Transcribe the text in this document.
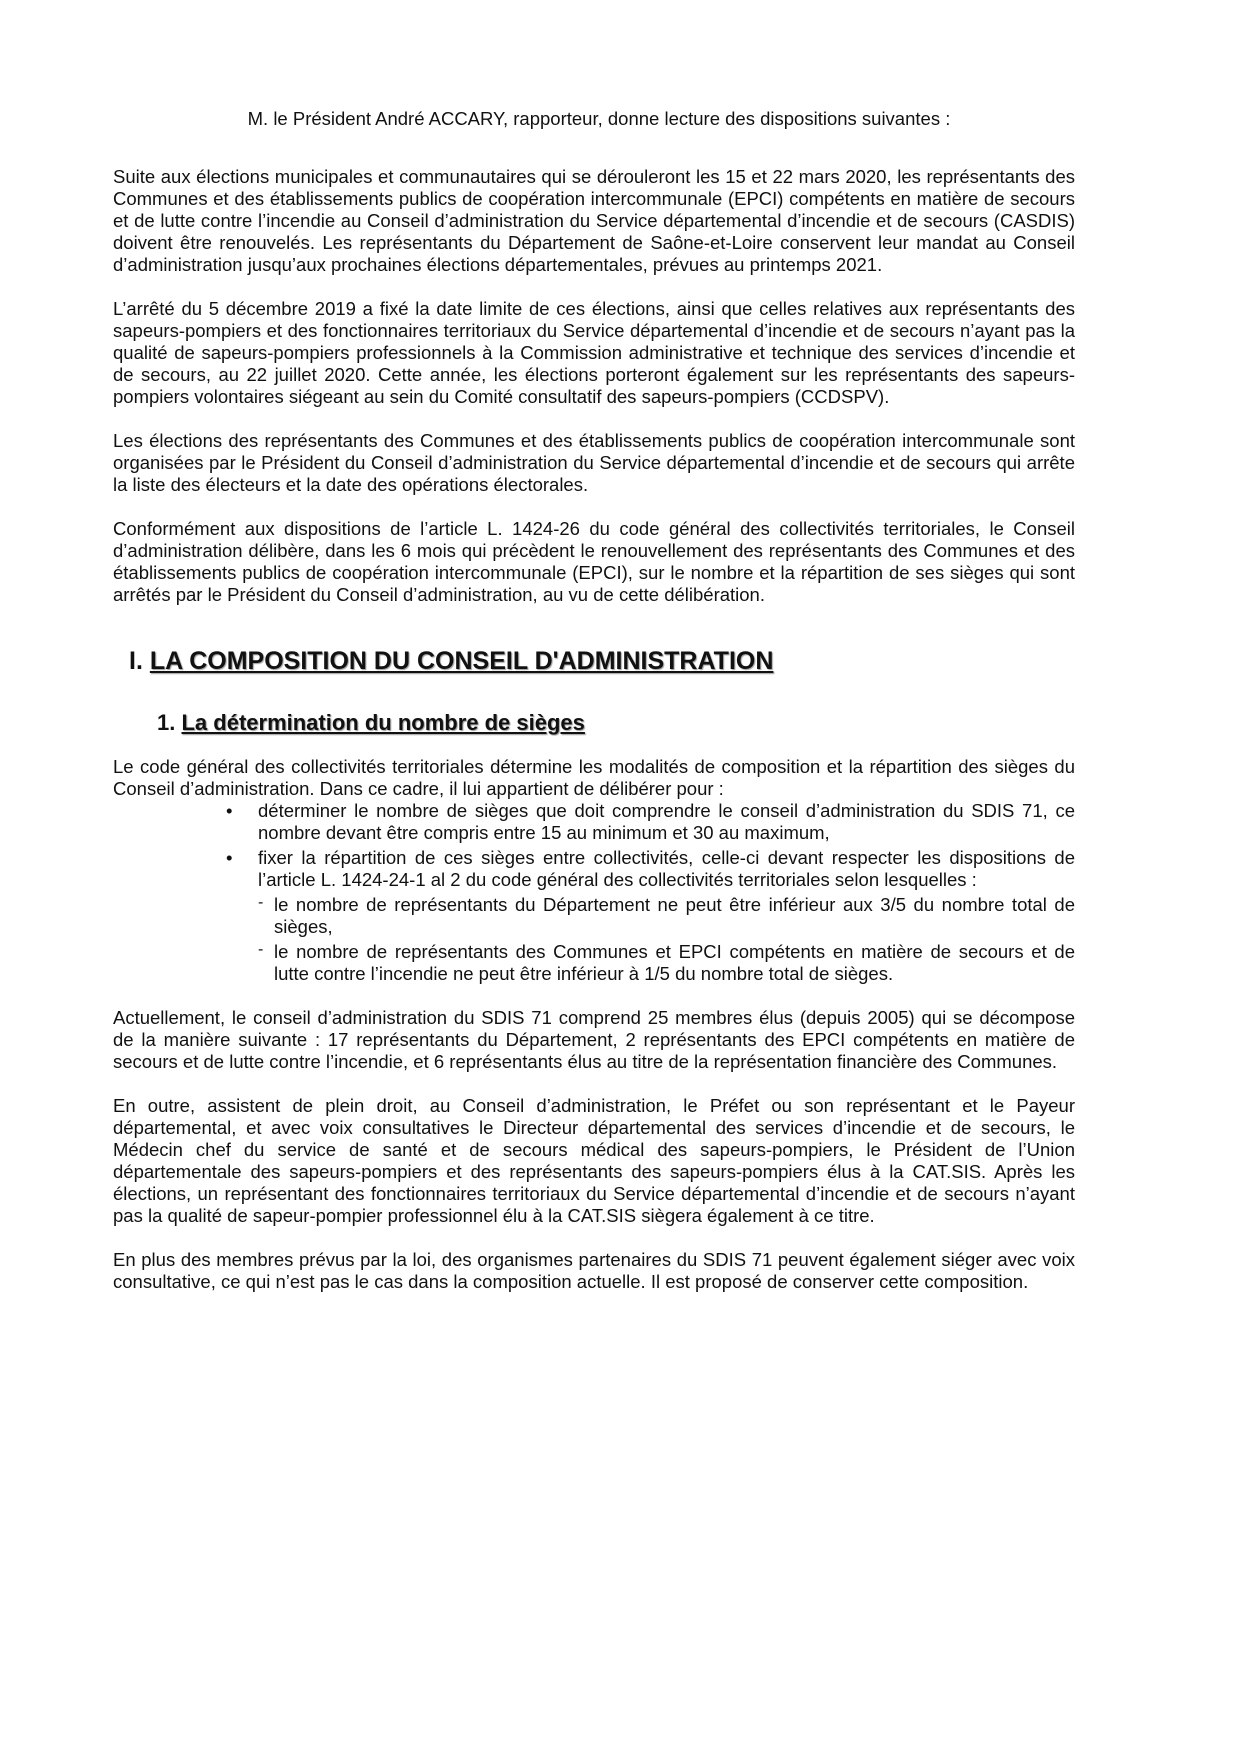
M. le Président André ACCARY, rapporteur, donne lecture des dispositions suivantes :

Suite aux élections municipales et communautaires qui se dérouleront les 15 et 22 mars 2020, les représentants des Communes et des établissements publics de coopération intercommunale (EPCI) compétents en matière de secours et de lutte contre l’incendie au Conseil d’administration du Service départemental d’incendie et de secours (CASDIS) doivent être renouvelés. Les représentants du Département de Saône-et-Loire conservent leur mandat au Conseil d’administration jusqu’aux prochaines élections départementales, prévues au printemps 2021.

L’arrêté du 5 décembre 2019 a fixé la date limite de ces élections, ainsi que celles relatives aux représentants des sapeurs-pompiers et des fonctionnaires territoriaux du Service départemental d’incendie et de secours n’ayant pas la qualité de sapeurs-pompiers professionnels à la Commission administrative et technique des services d’incendie et de secours, au 22 juillet 2020. Cette année, les élections porteront également sur les représentants des sapeurs-pompiers volontaires siégeant au sein du Comité consultatif des sapeurs-pompiers (CCDSPV).

Les élections des représentants des Communes et des établissements publics de coopération intercommunale sont organisées par le Président du Conseil d’administration du Service départemental d’incendie et de secours qui arrête la liste des électeurs et la date des opérations électorales.

Conformément aux dispositions de l’article L. 1424-26 du code général des collectivités territoriales, le Conseil d’administration délibère, dans les 6 mois qui précèdent le renouvellement des représentants des Communes et des établissements publics de coopération intercommunale (EPCI), sur le nombre et la répartition de ses sièges qui sont arrêtés par le Président du Conseil d’administration, au vu de cette délibération.

I. LA COMPOSITION DU CONSEIL D'ADMINISTRATION
1. La détermination du nombre de sièges

Le code général des collectivités territoriales détermine les modalités de composition et la répartition des sièges du Conseil d’administration. Dans ce cadre, il lui appartient de délibérer pour :

• déterminer le nombre de sièges que doit comprendre le conseil d’administration du SDIS 71, ce nombre devant être compris entre 15 au minimum et 30 au maximum,

• fixer la répartition de ces sièges entre collectivités, celle-ci devant respecter les dispositions de l’article L. 1424-24-1 al 2 du code général des collectivités territoriales selon lesquelles :

- le nombre de représentants du Département ne peut être inférieur aux 3/5 du nombre total de sièges,

- le nombre de représentants des Communes et EPCI compétents en matière de secours et de lutte contre l’incendie ne peut être inférieur à 1/5 du nombre total de sièges.

Actuellement, le conseil d’administration du SDIS 71 comprend 25 membres élus (depuis 2005) qui se décompose de la manière suivante : 17 représentants du Département, 2 représentants des EPCI compétents en matière de secours et de lutte contre l’incendie, et 6 représentants élus au titre de la représentation financière des Communes.

En outre, assistent de plein droit, au Conseil d’administration, le Préfet ou son représentant et le Payeur départemental, et avec voix consultatives le Directeur départemental des services d’incendie et de secours, le Médecin chef du service de santé et de secours médical des sapeurs-pompiers, le Président de l’Union départementale des sapeurs-pompiers et des représentants des sapeurs-pompiers élus à la CAT.SIS. Après les élections, un représentant des fonctionnaires territoriaux du Service départemental d’incendie et de secours n’ayant pas la qualité de sapeur-pompier professionnel élu à la CAT.SIS siègera également à ce titre.

En plus des membres prévus par la loi, des organismes partenaires du SDIS 71 peuvent également siéger avec voix consultative, ce qui n’est pas le cas dans la composition actuelle. Il est proposé de conserver cette composition.
